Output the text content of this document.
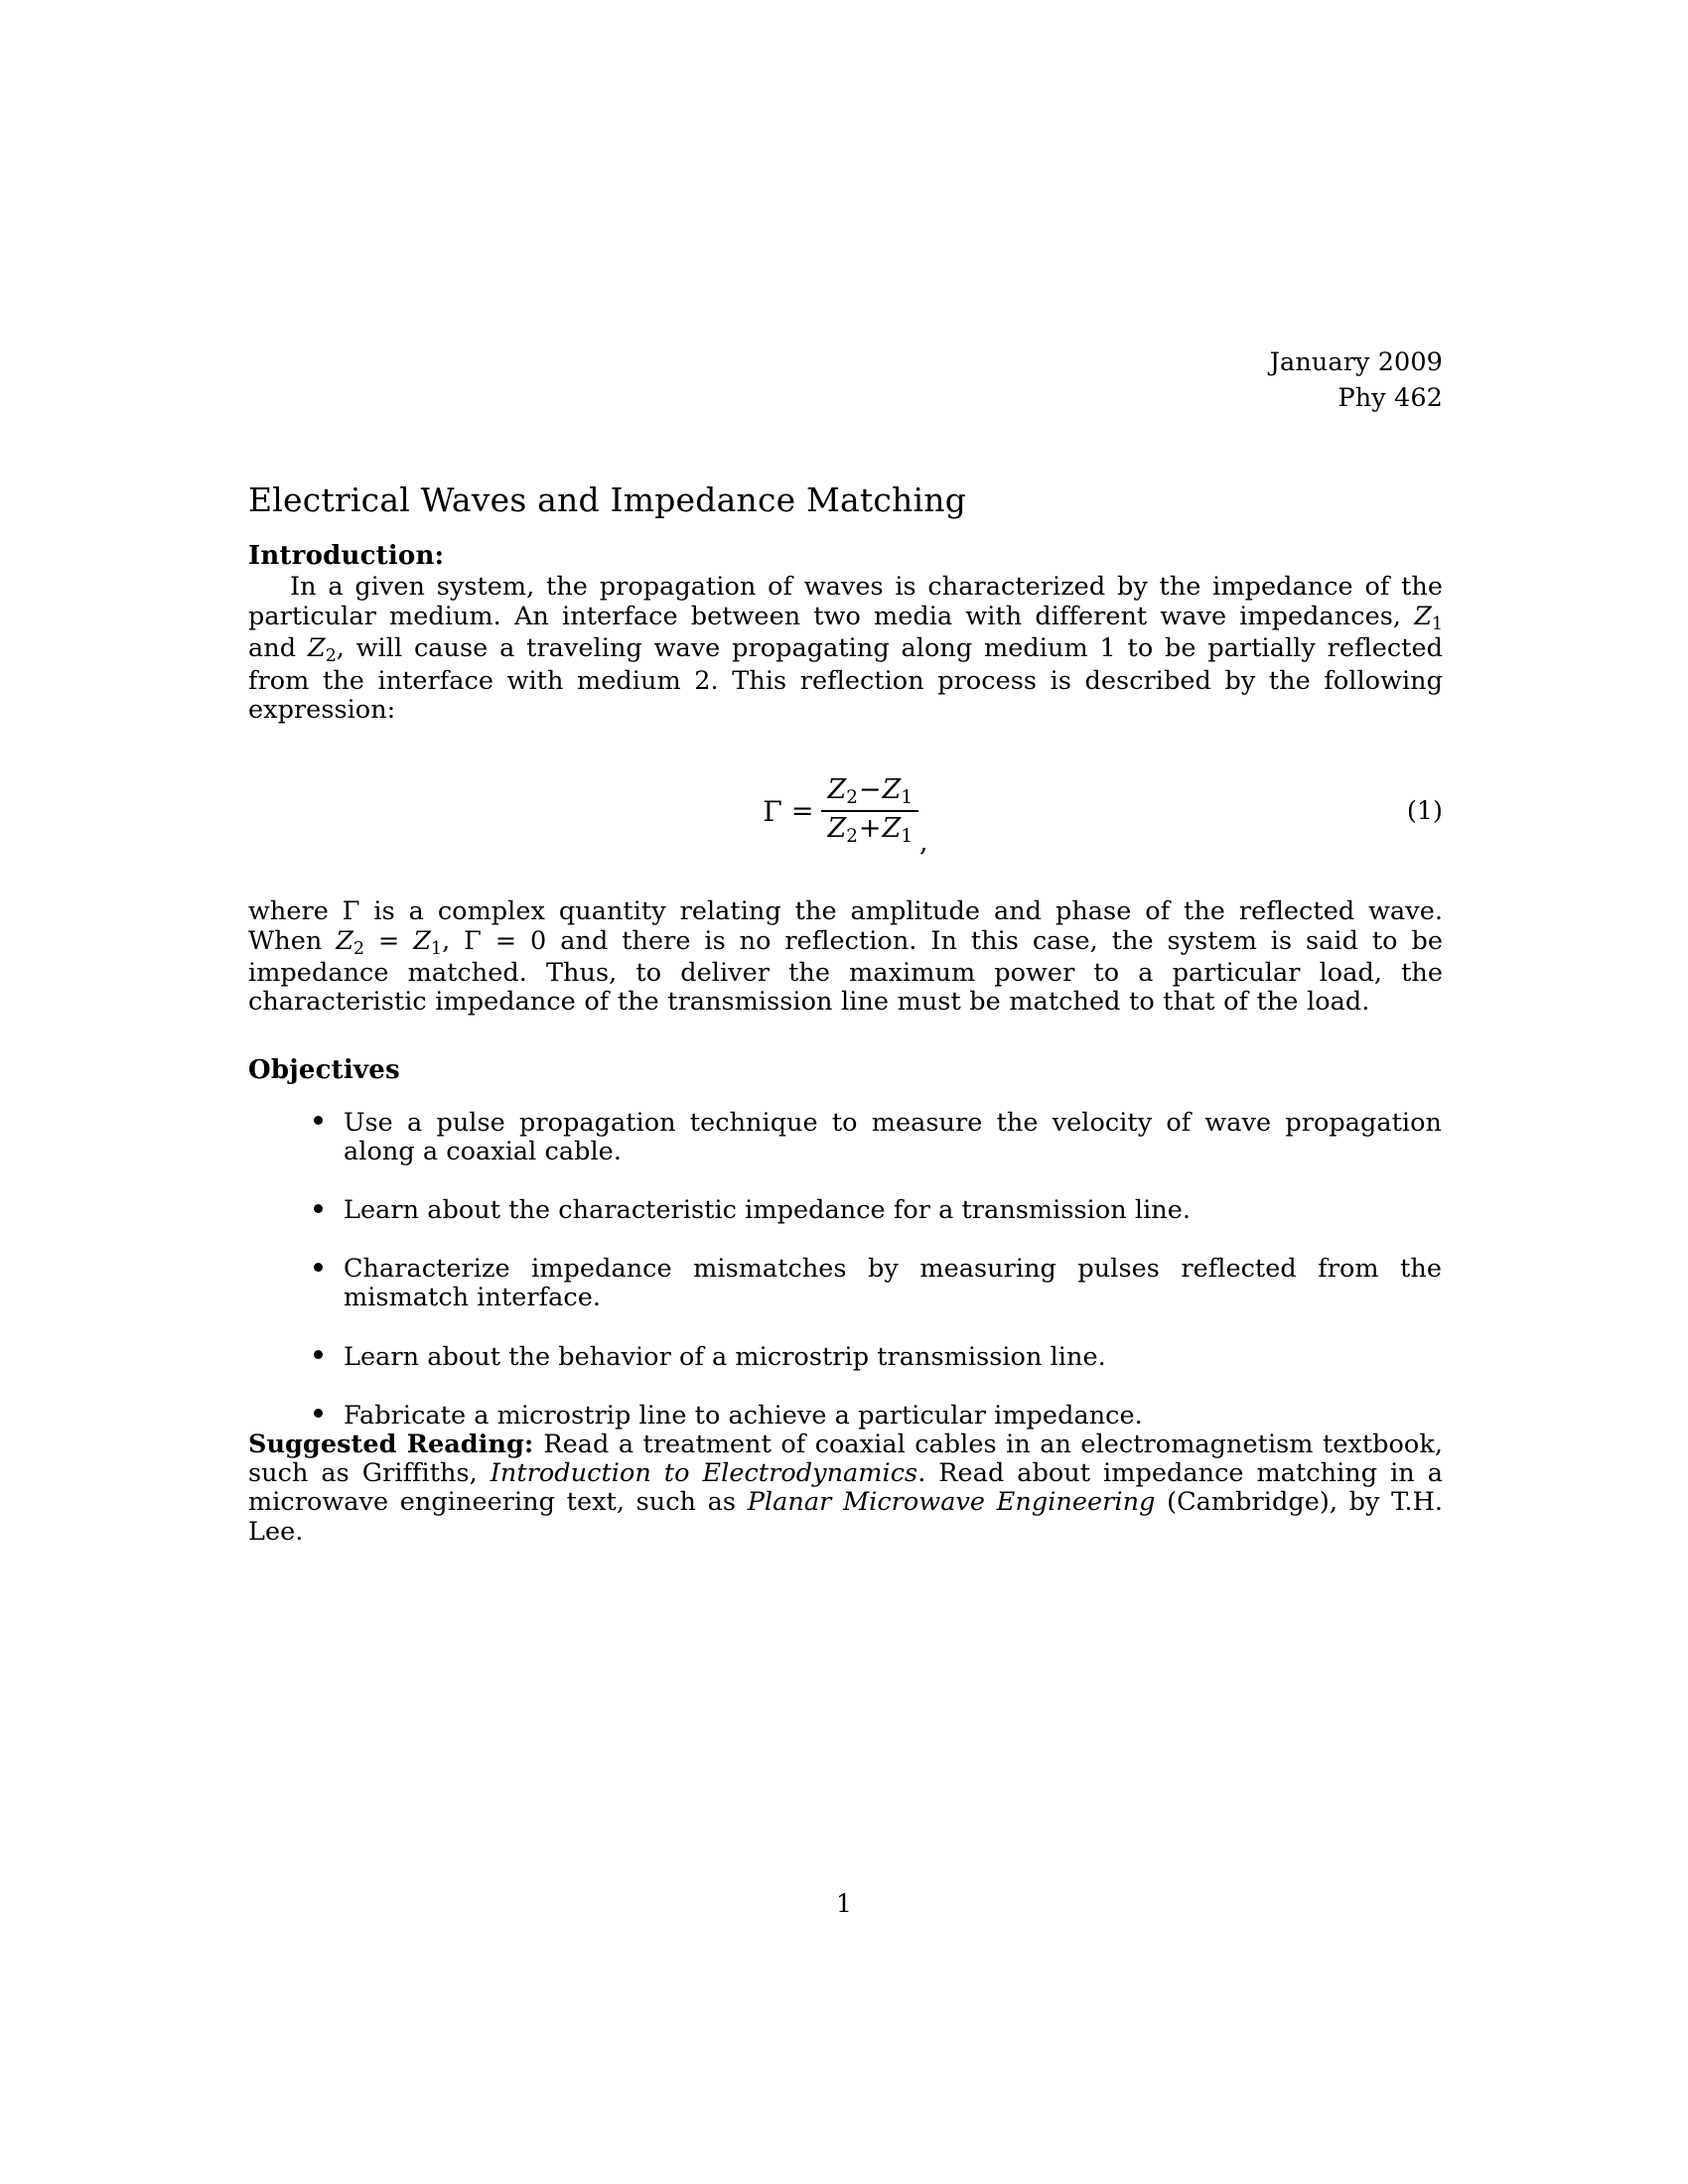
January 2009
Phy 462
Electrical Waves and Impedance Matching
Introduction:

In a given system, the propagation of waves is characterized by the impedance of the particular medium. An interface between two media with different wave impedances, $Z_1$ and $Z_2$, will cause a traveling wave propagating along medium 1 to be partially reflected from the interface with medium 2. This reflection process is described by the following expression:

$\Gamma = \frac{Z_2-Z_1}{Z_2+Z_1}$ ,
(1)

where Γ is a complex quantity relating the amplitude and phase of the reflected wave. When $Z_2 = Z_1$, Γ = 0 and there is no reflection. In this case, the system is said to be impedance matched. Thus, to deliver the maximum power to a particular load, the characteristic impedance of the transmission line must be matched to that of the load.

Objectives
Use a pulse propagation technique to measure the velocity of wave propagation along a coaxial cable.
Learn about the characteristic impedance for a transmission line.
Characterize impedance mismatches by measuring pulses reflected from the mismatch interface.
Learn about the behavior of a microstrip transmission line.
Fabricate a microstrip line to achieve a particular impedance.

Suggested Reading: Read a treatment of coaxial cables in an electromagnetism textbook, such as Griffiths, Introduction to Electrodynamics. Read about impedance matching in a microwave engineering text, such as Planar Microwave Engineering (Cambridge), by T.H. Lee.

1
